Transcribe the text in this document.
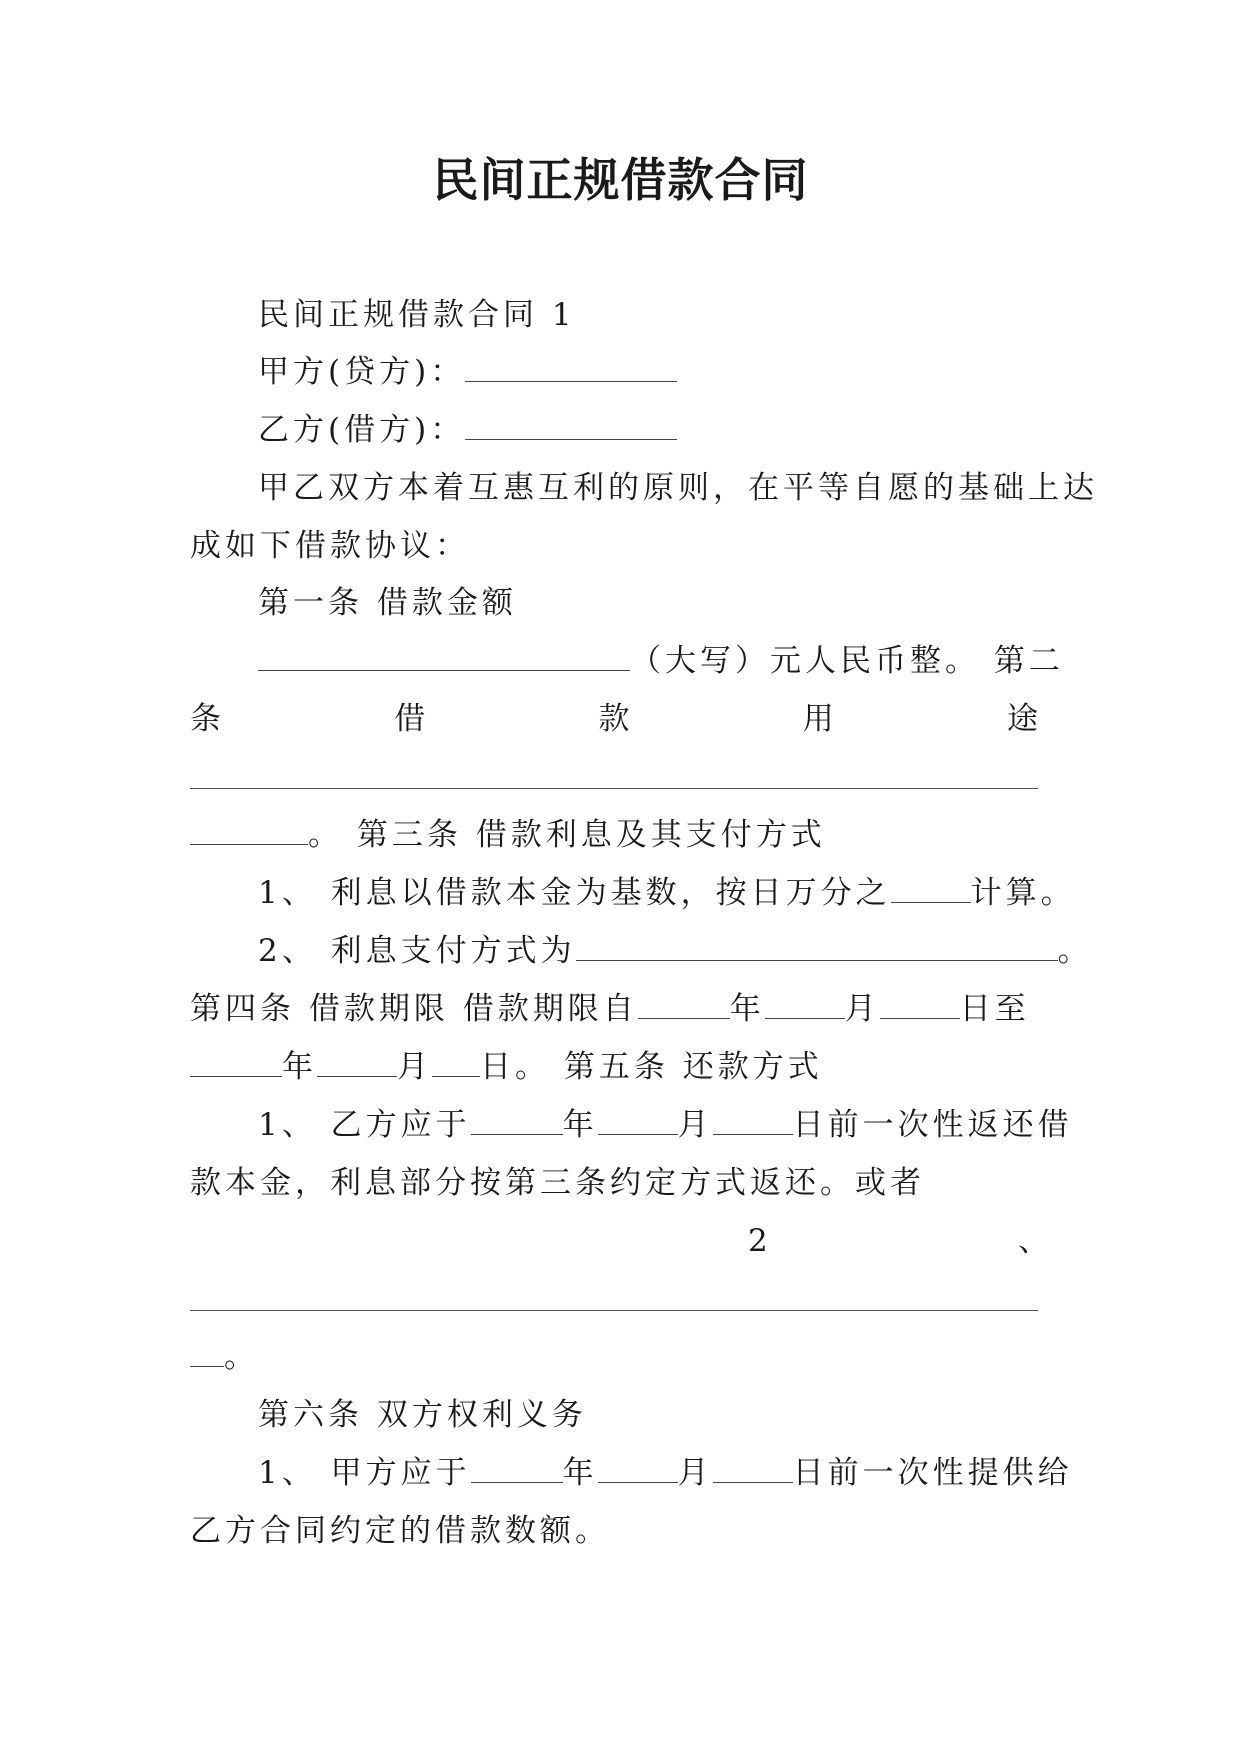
民间正规借款合同
民间正规借款合同 1
甲方(贷方)：
乙方(借方)：
甲乙双方本着互惠互利的原则，在平等自愿的基础上达
成如下借款协议：
第一条 借款金额
（大写）元人民币整。 第二
条	借	款	用	途
。 第三条 借款利息及其支付方式
1、 利息以借款本金为基数，按日万分之	计算。
2、 利息支付方式为	。
第四条 借款期限 借款期限自	年	月	日至
年	月 日。 第五条 还款方式
1、 乙方应于	年	月	日前一次性返还借
款本金，利息部分按第三条约定方式返还。或者
2	、
。
第六条 双方权利义务
1、 甲方应于	年	月	日前一次性提供给
乙方合同约定的借款数额。
